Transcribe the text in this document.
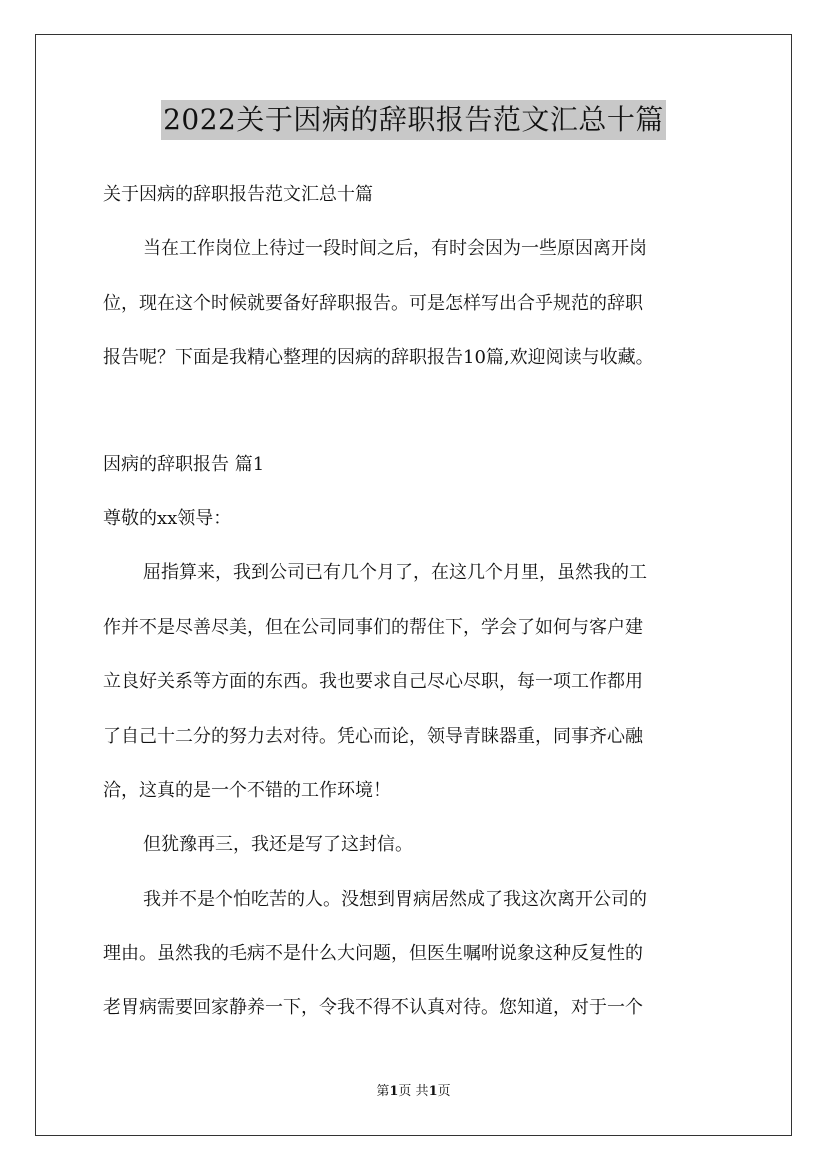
2022关于因病的辞职报告范文汇总十篇
关于因病的辞职报告范文汇总十篇
当在工作岗位上待过一段时间之后，有时会因为一些原因离开岗
位，现在这个时候就要备好辞职报告。可是怎样写出合乎规范的辞职
报告呢？下面是我精心整理的因病的辞职报告10篇,欢迎阅读与收藏。
因病的辞职报告 篇1
尊敬的xx领导：
屈指算来，我到公司已有几个月了，在这几个月里，虽然我的工
作并不是尽善尽美，但在公司同事们的帮住下，学会了如何与客户建
立良好关系等方面的东西。我也要求自己尽心尽职，每一项工作都用
了自己十二分的努力去对待。凭心而论，领导青睐器重，同事齐心融
洽，这真的是一个不错的工作环境！
但犹豫再三，我还是写了这封信。
我并不是个怕吃苦的人。没想到胃病居然成了我这次离开公司的
理由。虽然我的毛病不是什么大问题，但医生嘱咐说象这种反复性的
老胃病需要回家静养一下，令我不得不认真对待。您知道，对于一个
第1页 共1页
